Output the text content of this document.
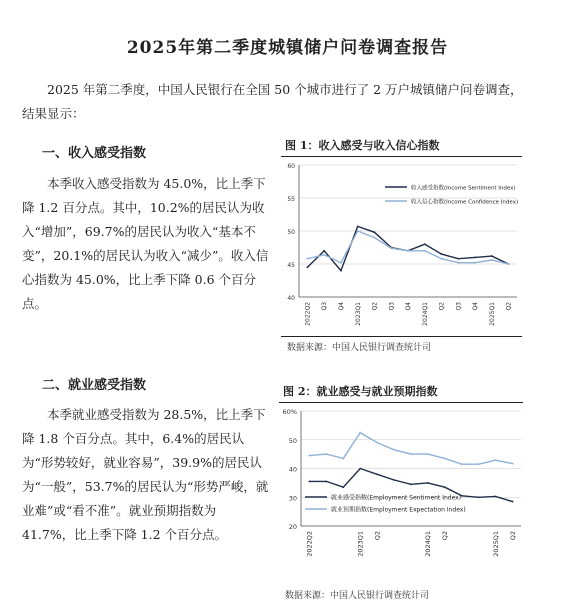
2025年第二季度城镇储户问卷调查报告
2025 年第二季度，中国人民银行在全国 50 个城市进行了 2 万户城镇储户问卷调查，结果显示：
一、收入感受指数
本季收入感受指数为 45.0%，比上季下降 1.2 百分点。其中，10.2%的居民认为收入“增加”，69.7%的居民认为收入“基本不变”，20.1%的居民认为收入“减少”。收入信心指数为 45.0%，比上季下降 0.6 个百分点。
二、就业感受指数
本季就业感受指数为 28.5%，比上季下降 1.8 个百分点。其中，6.4%的居民认为“形势较好，就业容易”，39.9%的居民认为“一般”，53.7%的居民认为“形势严峻，就业难”或“看不准”。就业预期指数为 41.7%，比上季下降 1.2 个百分点。
图 1：收入感受与收入信心指数
40
45
50
55
60
2022Q2 Q3 Q4 2023Q1 Q2 Q3 Q4 2024Q1 Q2 Q3 Q4 2025Q1 Q2
收入感受指数(Income Sentiment Index)
收入信心指数(Income Confidence Index)
数据来源：中国人民银行调查统计司
图 2：就业感受与就业预期指数
20
30
40
50
60%
2022Q2	2023Q1 Q2	2024Q1 Q2	2025Q1 Q2
就业感受指数(Employment Sentiment Index)
就业预期指数(Employment Expectation Index)
数据来源：中国人民银行调查统计司
